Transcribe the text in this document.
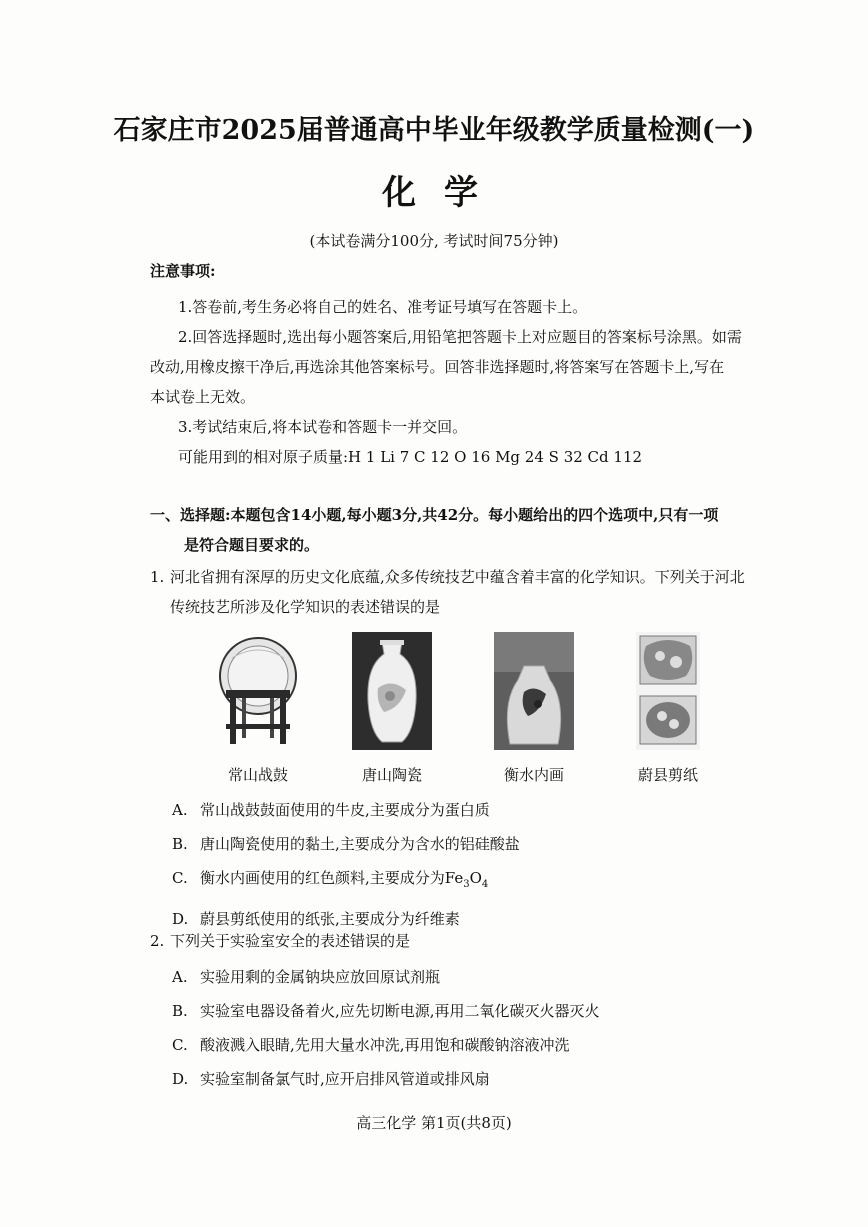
石家庄市2025届普通高中毕业年级教学质量检测(一)
化学
(本试卷满分100分, 考试时间75分钟)
注意事项:

1.答卷前,考生务必将自己的姓名、准考证号填写在答题卡上。

2.回答选择题时,选出每小题答案后,用铅笔把答题卡上对应题目的答案标号涂黑。如需

改动,用橡皮擦干净后,再选涂其他答案标号。回答非选择题时,将答案写在答题卡上,写在

本试卷上无效。

3.考试结束后,将本试卷和答题卡一并交回。

可能用到的相对原子质量:H 1 Li 7 C 12 O 16 Mg 24 S 32 Cd 112

一、选择题:本题包含14小题,每小题3分,共42分。每小题给出的四个选项中,只有一项
是符合题目要求的。
1. 河北省拥有深厚的历史文化底蕴,众多传统技艺中蕴含着丰富的化学知识。下列关于河北
传统技艺所涉及化学知识的表述错误的是
常山战鼓	唐山陶瓷	衡水内画	蔚县剪纸
A. 常山战鼓鼓面使用的牛皮,主要成分为蛋白质
B. 唐山陶瓷使用的黏土,主要成分为含水的铝硅酸盐
C. 衡水内画使用的红色颜料,主要成分为$Fe_3O_4$
D. 蔚县剪纸使用的纸张,主要成分为纤维素
2. 下列关于实验室安全的表述错误的是
A. 实验用剩的金属钠块应放回原试剂瓶
B. 实验室电器设备着火,应先切断电源,再用二氧化碳灭火器灭火
C. 酸液溅入眼睛,先用大量水冲洗,再用饱和碳酸钠溶液冲洗
D. 实验室制备氯气时,应开启排风管道或排风扇
高三化学 第1页(共8页)
